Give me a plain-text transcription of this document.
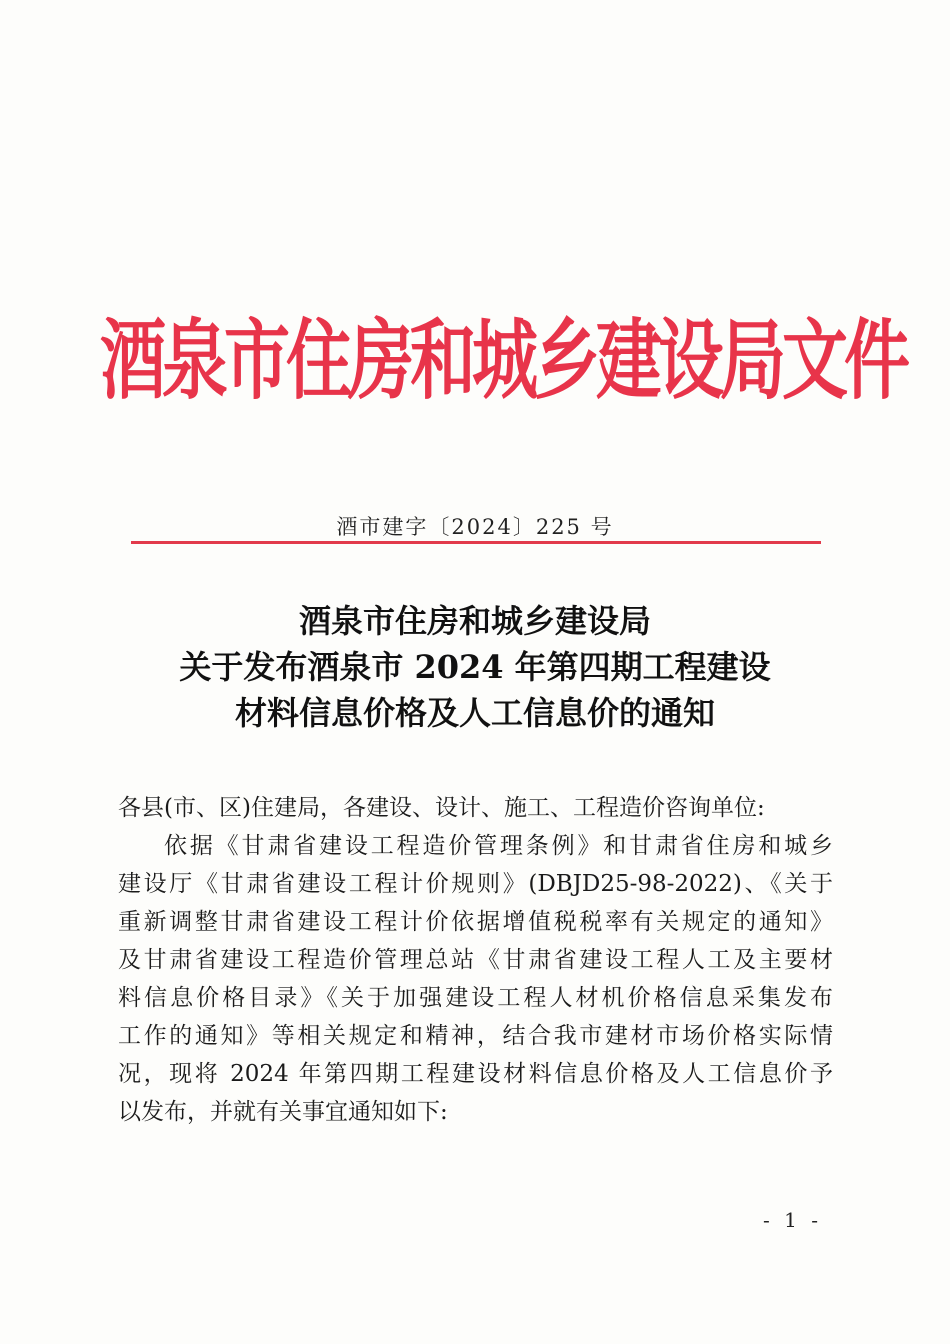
酒泉市住房和城乡建设局文件
酒市建字〔2024〕225 号
酒泉市住房和城乡建设局
关于发布酒泉市 2024 年第四期工程建设
材料信息价格及人工信息价的通知
各县(市、区)住建局，各建设、设计、施工、工程造价咨询单位:
依据《甘肃省建设工程造价管理条例》和甘肃省住房和城乡
建设厅《甘肃省建设工程计价规则》(DBJD25-98-2022)、《关于
重新调整甘肃省建设工程计价依据增值税税率有关规定的通知》
及甘肃省建设工程造价管理总站《甘肃省建设工程人工及主要材
料信息价格目录》《关于加强建设工程人材机价格信息采集发布
工作的通知》等相关规定和精神，结合我市建材市场价格实际情
况，现将 2024 年第四期工程建设材料信息价格及人工信息价予
以发布，并就有关事宜通知如下:
- 1 -
